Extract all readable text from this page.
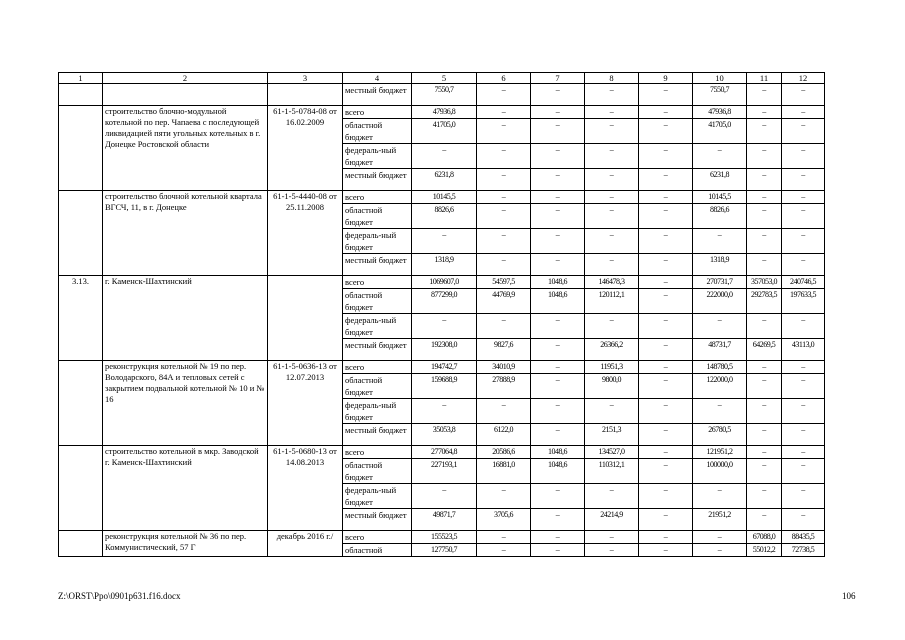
1	2	3	4	5	6	7	8	9	10	11	12
			местный бюджет	7550,7	–	–	–	–	7550,7	–	–
	строительство блочно-модульной котельной по пер. Чапаева с последующей ликвидацией пяти угольных котельных в г. Донецке Ростовской области	61-1-5-0784-08 от 16.02.2009	всего	47936,8	–	–	–	–	47936,8	–	–
			областной бюджет	41705,0	–	–	–	–	41705,0	–	–
			федераль-ный бюджет	–	–	–	–	–	–	–	–
			местный бюджет	6231,8	–	–	–	–	6231,8	–	–
	строительство блочной котельной квартала ВГСЧ, 11, в г. Донецке	61-1-5-4440-08 от 25.11.2008	всего	10145,5	–	–	–	–	10145,5	–	–
			областной бюджет	8826,6	–	–	–	–	8826,6	–	–
			федераль-ный бюджет	–	–	–	–	–	–	–	–
			местный бюджет	1318,9	–	–	–	–	1318,9	–	–
3.13.	г. Каменск-Шахтинский		всего	1069607,0	54597,5	1048,6	146478,3	–	270731,7	357053,0	240746,5
			областной бюджет	877299,0	44769,9	1048,6	120112,1	–	222000,0	292783,5	197633,5
			федераль-ный бюджет	–	–	–	–	–	–	–	–
			местный бюджет	192308,0	9827,6	–	26366,2	–	48731,7	64269,5	43113,0
	реконструкция котельной № 19 по пер. Володарского, 84А и тепловых сетей с закрытием подвальной котельной № 10 и № 16	61-1-5-0636-13 от 12.07.2013	всего	194742,7	34010,9	–	11951,3	–	148780,5	–	–
			областной бюджет	159688,9	27888,9	–	9800,0	–	122000,0	–	–
			федераль-ный бюджет	–	–	–	–	–	–	–	–
			местный бюджет	35053,8	6122,0	–	2151,3	–	26780,5	–	–
	строительство котельной в мкр. Заводской г. Каменск-Шахтинский	61-1-5-0680-13 от 14.08.2013	всего	277064,8	20586,6	1048,6	134527,0	–	121951,2	–	–
			областной бюджет	227193,1	16881,0	1048,6	110312,1	–	100000,0	–	–
			федераль-ный бюджет	–	–	–	–	–	–	–	–
			местный бюджет	49871,7	3705,6	–	24214,9	–	21951,2	–	–
	реконструкция котельной № 36 по пер. Коммунистический, 57 Г	декабрь 2016 г./	всего	155523,5	–	–	–	–	–	67088,0	88435,5
			областной	127750,7	–	–	–	–	–	55012,2	72738,5
Z:\ORST\Ppo\0901p631.f16.docx	106
